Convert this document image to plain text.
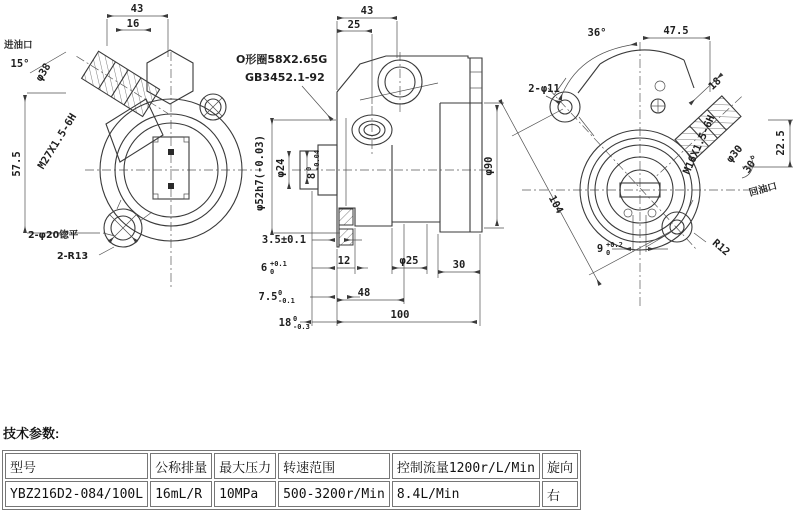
43
16
进油口
15° φ38
M27X1.5-6H
57.5
2-φ20锪平
2-R13
43
25
O形圈58X2.65G
GB3452.1-92
φ52h7(-0.03) φ24 8
0 -0.04
3.5±0.1
6 +0.1
0
12	φ25	30
7.5 0
-0.1
48
18 0
-0.3
100
φ90
36°	47.5
2-φ11	18
M16X1.5-6H φ30
30°
22.5
回油口
104
9 +0.2
0	R12
技术参数:
型号	公称排量	最大压力	转速范围	控制流量1200r/L/Min	旋向
YBZ216D2-084/100L	16mL/R	10MPa	500-3200r/Min	8.4L/Min	右
